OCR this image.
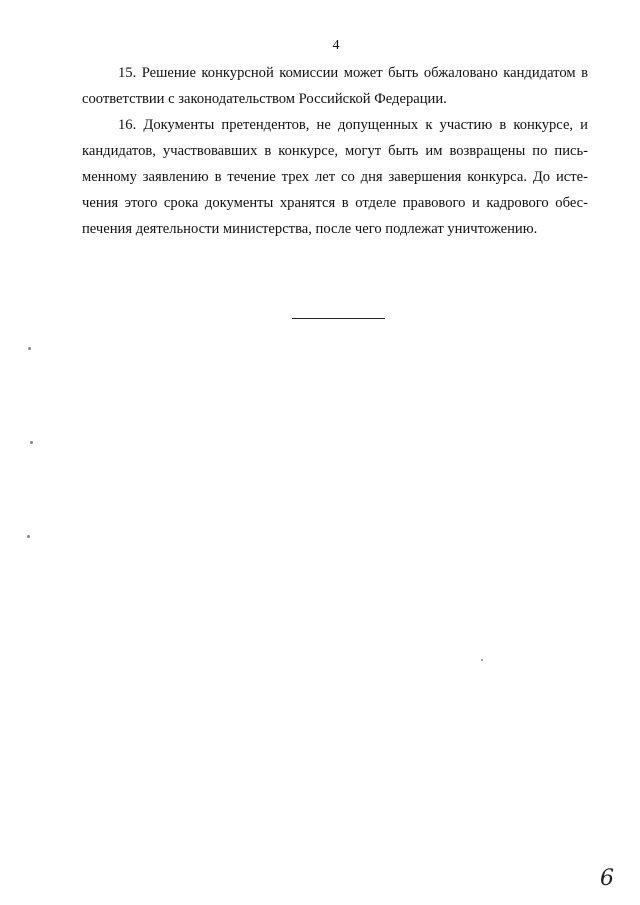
4

15. Решение конкурсной комиссии может быть обжаловано кандидатом в соответствии с законодательством Российской Федерации.

16. Документы претендентов, не допущенных к участию в конкурсе, и кандидатов, участвовавших в конкурсе, могут быть им возвращены по пись-менному заявлению в течение трех лет со дня завершения конкурса. До исте-чения этого срока документы хранятся в отделе правового и кадрового обес-печения деятельности министерства, после чего подлежат уничтожению.

6
